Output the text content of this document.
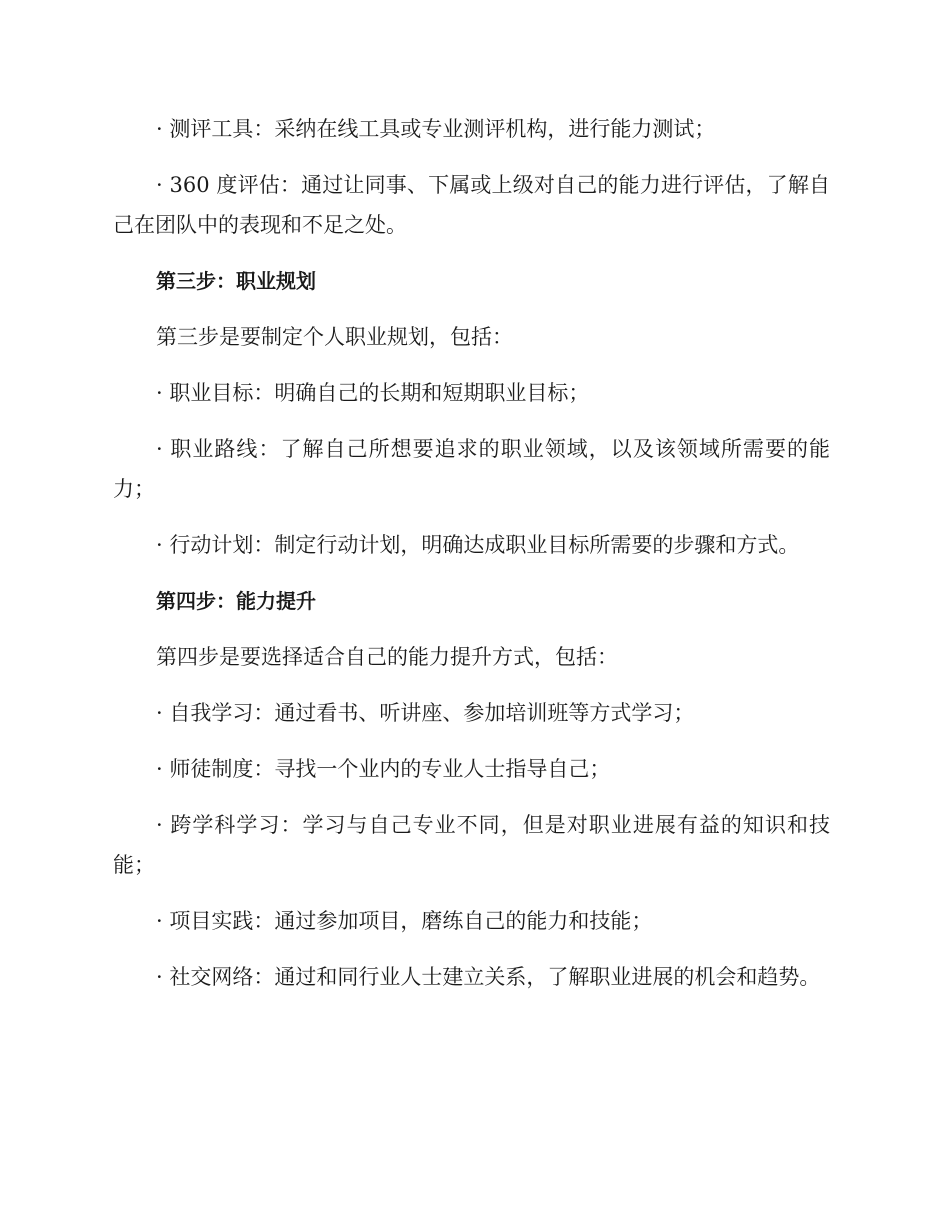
· 测评工具：采纳在线工具或专业测评机构，进行能力测试；

· 360 度评估：通过让同事、下属或上级对自己的能力进行评估，了解自己在团队中的表现和不足之处。

第三步：职业规划

第三步是要制定个人职业规划，包括：

· 职业目标：明确自己的长期和短期职业目标；

· 职业路线：了解自己所想要追求的职业领域，以及该领域所需要的能力；

· 行动计划：制定行动计划，明确达成职业目标所需要的步骤和方式。

第四步：能力提升

第四步是要选择适合自己的能力提升方式，包括：

· 自我学习：通过看书、听讲座、参加培训班等方式学习；

· 师徒制度：寻找一个业内的专业人士指导自己；

· 跨学科学习：学习与自己专业不同，但是对职业进展有益的知识和技能；

· 项目实践：通过参加项目，磨练自己的能力和技能；

· 社交网络：通过和同行业人士建立关系，了解职业进展的机会和趋势。
